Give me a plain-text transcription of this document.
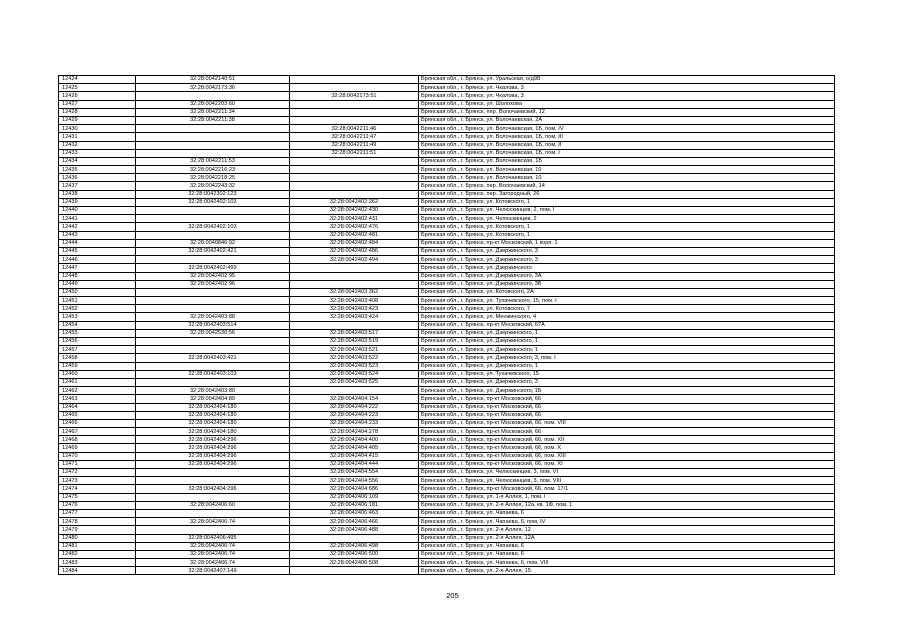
12424	32:28:0042140:51		Брянская обл., г. Брянск, ул. Уральская, о/д98
12425	32:28:0042173:36		Брянская обл., г. Брянск, ул. Чкалова, 3
12426		32:28:0042173:51	Брянская обл., г. Брянск, ул. Чкалова, 3
12427	32:28:0042203:60		Брянская обл., г. Брянск, ул. Шолохова
12428	32:28:0042211:34		Брянская обл., г. Брянск, пер. Волочаевский, 12
12429	32:28:0042211:38		Брянская обл., г. Брянск, ул. Волочаевская, 2А
12430		32:28:0042211:46	Брянская обл., г. Брянск, ул. Волочаевская, 1Б, пом. IV
12431		32:28:0042211:47	Брянская обл., г. Брянск, ул. Волочаевская, 1Б, пом. III
12432		32:28:0042211:49	Брянская обл., г. Брянск, ул. Волочаевская, 1Б, пом. II
12433		32:28:0042211:51	Брянская обл., г. Брянск, ул. Волочаевская, 1Б, пом. I
12434	32:28:0042211:53		Брянская обл., г. Брянск, ул. Волочаевская, 1Б
12435	32:28:0042216:23		Брянская обл., г. Брянск, ул. Волочаевская, 10
12436	32:28:0042218:25		Брянская обл., г. Брянск, ул. Волочаевская, 10
12437	32:28:0042243:32		Брянская обл., г. Брянск, пер. Волочаевский, 14
12438	32:28:0042302:123		Брянская обл., г. Брянск, пер. Загородный, 26
12439	32:28:0042402:103	32:28:0042402:262	Брянская обл., г. Брянск, ул. Котовского, 1
12440		32:28:0042402:430	Брянская обл., г. Брянск, ул. Челюскинцев, 2, пом. I
12441		32:28:0042402:431	Брянская обл., г. Брянск, ул. Челюскинцев, 2
12442	32:28:0042402:103	32:28:0042402:476	Брянская обл., г. Брянск, ул. Котовского, 1
12443		32:28:0042402:481	Брянская обл., г. Брянск, ул. Котовского, 1
12444	32:28:0040846:92	32:28:0042402:484	Брянская обл., г. Брянск, пр-кт Московский, 1 корп. 1
12445	32:28:0042402:421	32:28:0042402:486	Брянская обл., г. Брянск, ул. Дзержинского, 3
12446		32:28:0042402:494	Брянская обл., г. Брянск, ул. Дзержинского, 3
12447	32:28:0042402:499		Брянская обл., г. Брянск, ул. Дзержинского
12448	32:28:0042402:95		Брянская обл., г. Брянск, ул. Дзержинского, 3А
12449	32:28:0042402:96		Брянская обл., г. Брянск, ул. Дзержинского, 3Б
12450		32:28:0042403:362	Брянская обл., г. Брянск, ул. Котовского, 2А
12451		32:28:0042403:408	Брянская обл., г. Брянск, ул. Тухачевского, 15, пом. I
12452		32:28:0042403:423	Брянская обл., г. Брянск, ул. Котовского, 7
12453	32:28:0042403:88	32:28:0042403:424	Брянская обл., г. Брянск, ул. Менжинского, 4
12454	32:28:0042403:514		Брянская обл., г. Брянск, пр-кт Московский, 67А
12455	32:28:0042530:56	32:28:0042403:517	Брянская обл., г. Брянск, ул. Дзержинского, 1
12456		32:28:0042403:519	Брянская обл., г. Брянск, ул. Дзержинского, 1
12457		32:28:0042403:521	Брянская обл., г. Брянск, ул. Дзержинского, 1
12458	32:28:0042403:421	32:28:0042403:522	Брянская обл., г. Брянск, ул. Дзержинского, 3, пом. I
12459		32:28:0042403:523	Брянская обл., г. Брянск, ул. Дзержинского, 1
12460	32:28:0042403:103	32:28:0042403:524	Брянская обл., г. Брянск, ул. Тухачевского, 15
12461		32:28:0042403:525	Брянская обл., г. Брянск, ул. Дзержинского, 3
12462	32:28:0042403:80		Брянская обл., г. Брянск, ул. Дзержинского, 1Б
12463	32:28:0042404:89	32:28:0042404:154	Брянская обл., г. Брянск, пр-кт Московский, 66
12464	32:28:0042404:180	32:28:0042404:222	Брянская обл., г. Брянск, пр-кт Московский, 66
12465	32:28:0042404:180	32:28:0042404:223	Брянская обл., г. Брянск, пр-кт Московский, 66
12466	32:28:0042404:180	32:28:0042404:233	Брянская обл., г. Брянск, пр-кт Московский, 66, пом. VIII
12467	32:28:0042404:180	32:28:0042404:278	Брянская обл., г. Брянск, пр-кт Московский, 66
12468	32:28:0042404:296	32:28:0042404:400	Брянская обл., г. Брянск, пр-кт Московский, 66, пом. XII
12469	32:28:0042404:296	32:28:0042404:405	Брянская обл., г. Брянск, пр-кт Московский, 66, пом. X
12470	32:28:0042404:296	32:28:0042404:415	Брянская обл., г. Брянск, пр-кт Московский, 66, пом. XIII
12471	32:28:0042404:296	32:28:0042404:444	Брянская обл., г. Брянск, пр-кт Московский, 66, пом. XI
12472		32:28:0042404:554	Брянская обл., г. Брянск, ул. Челюскинцев, 3, пом. VI
12473		32:28:0042404:556	Брянская обл., г. Брянск, ул. Челюскинцев, 3, пом. VIII
12474	32:28:0042404:296	32:28:0042404:686	Брянская обл., г. Брянск, пр-кт Московский, 66, пом. 17/1
12475		32:28:0042406:109	Брянская обл., г. Брянск, ул. 1-я Аллея, 1, пом. I
12476	32:28:0042406:60	32:28:0042406:181	Брянская обл., г. Брянск, ул. 2-я Аллея, 12а, кв. 1Ф, пом. 1
12477		32:28:0042406:463	Брянская обл., г. Брянск, ул. Чапаева, 6
12478	32:28:0042406:74	32:28:0042406:466	Брянская обл., г. Брянск, ул. Чапаева, 6, пом. IV
12479		32:28:0042406:488	Брянская обл., г. Брянск, ул. 2-я Аллея, 12
12480	32:28:0042406:495		Брянская обл., г. Брянск, ул. 2-я Аллея, 12А
12481	32:28:0042406:74	32:28:0042406:498	Брянская обл., г. Брянск, ул. Чапаева, 6
12482	32:28:0042406:74	32:28:0042406:500	Брянская обл., г. Брянск, ул. Чапаева, 6
12483	32:28:0042406:74	32:28:0042406:508	Брянская обл., г. Брянск, ул. Чапаева, 6, пом. VIII
12484	32:28:0042407:149		Брянская обл., г. Брянск, ул. 2-я Аллея, 15
205
